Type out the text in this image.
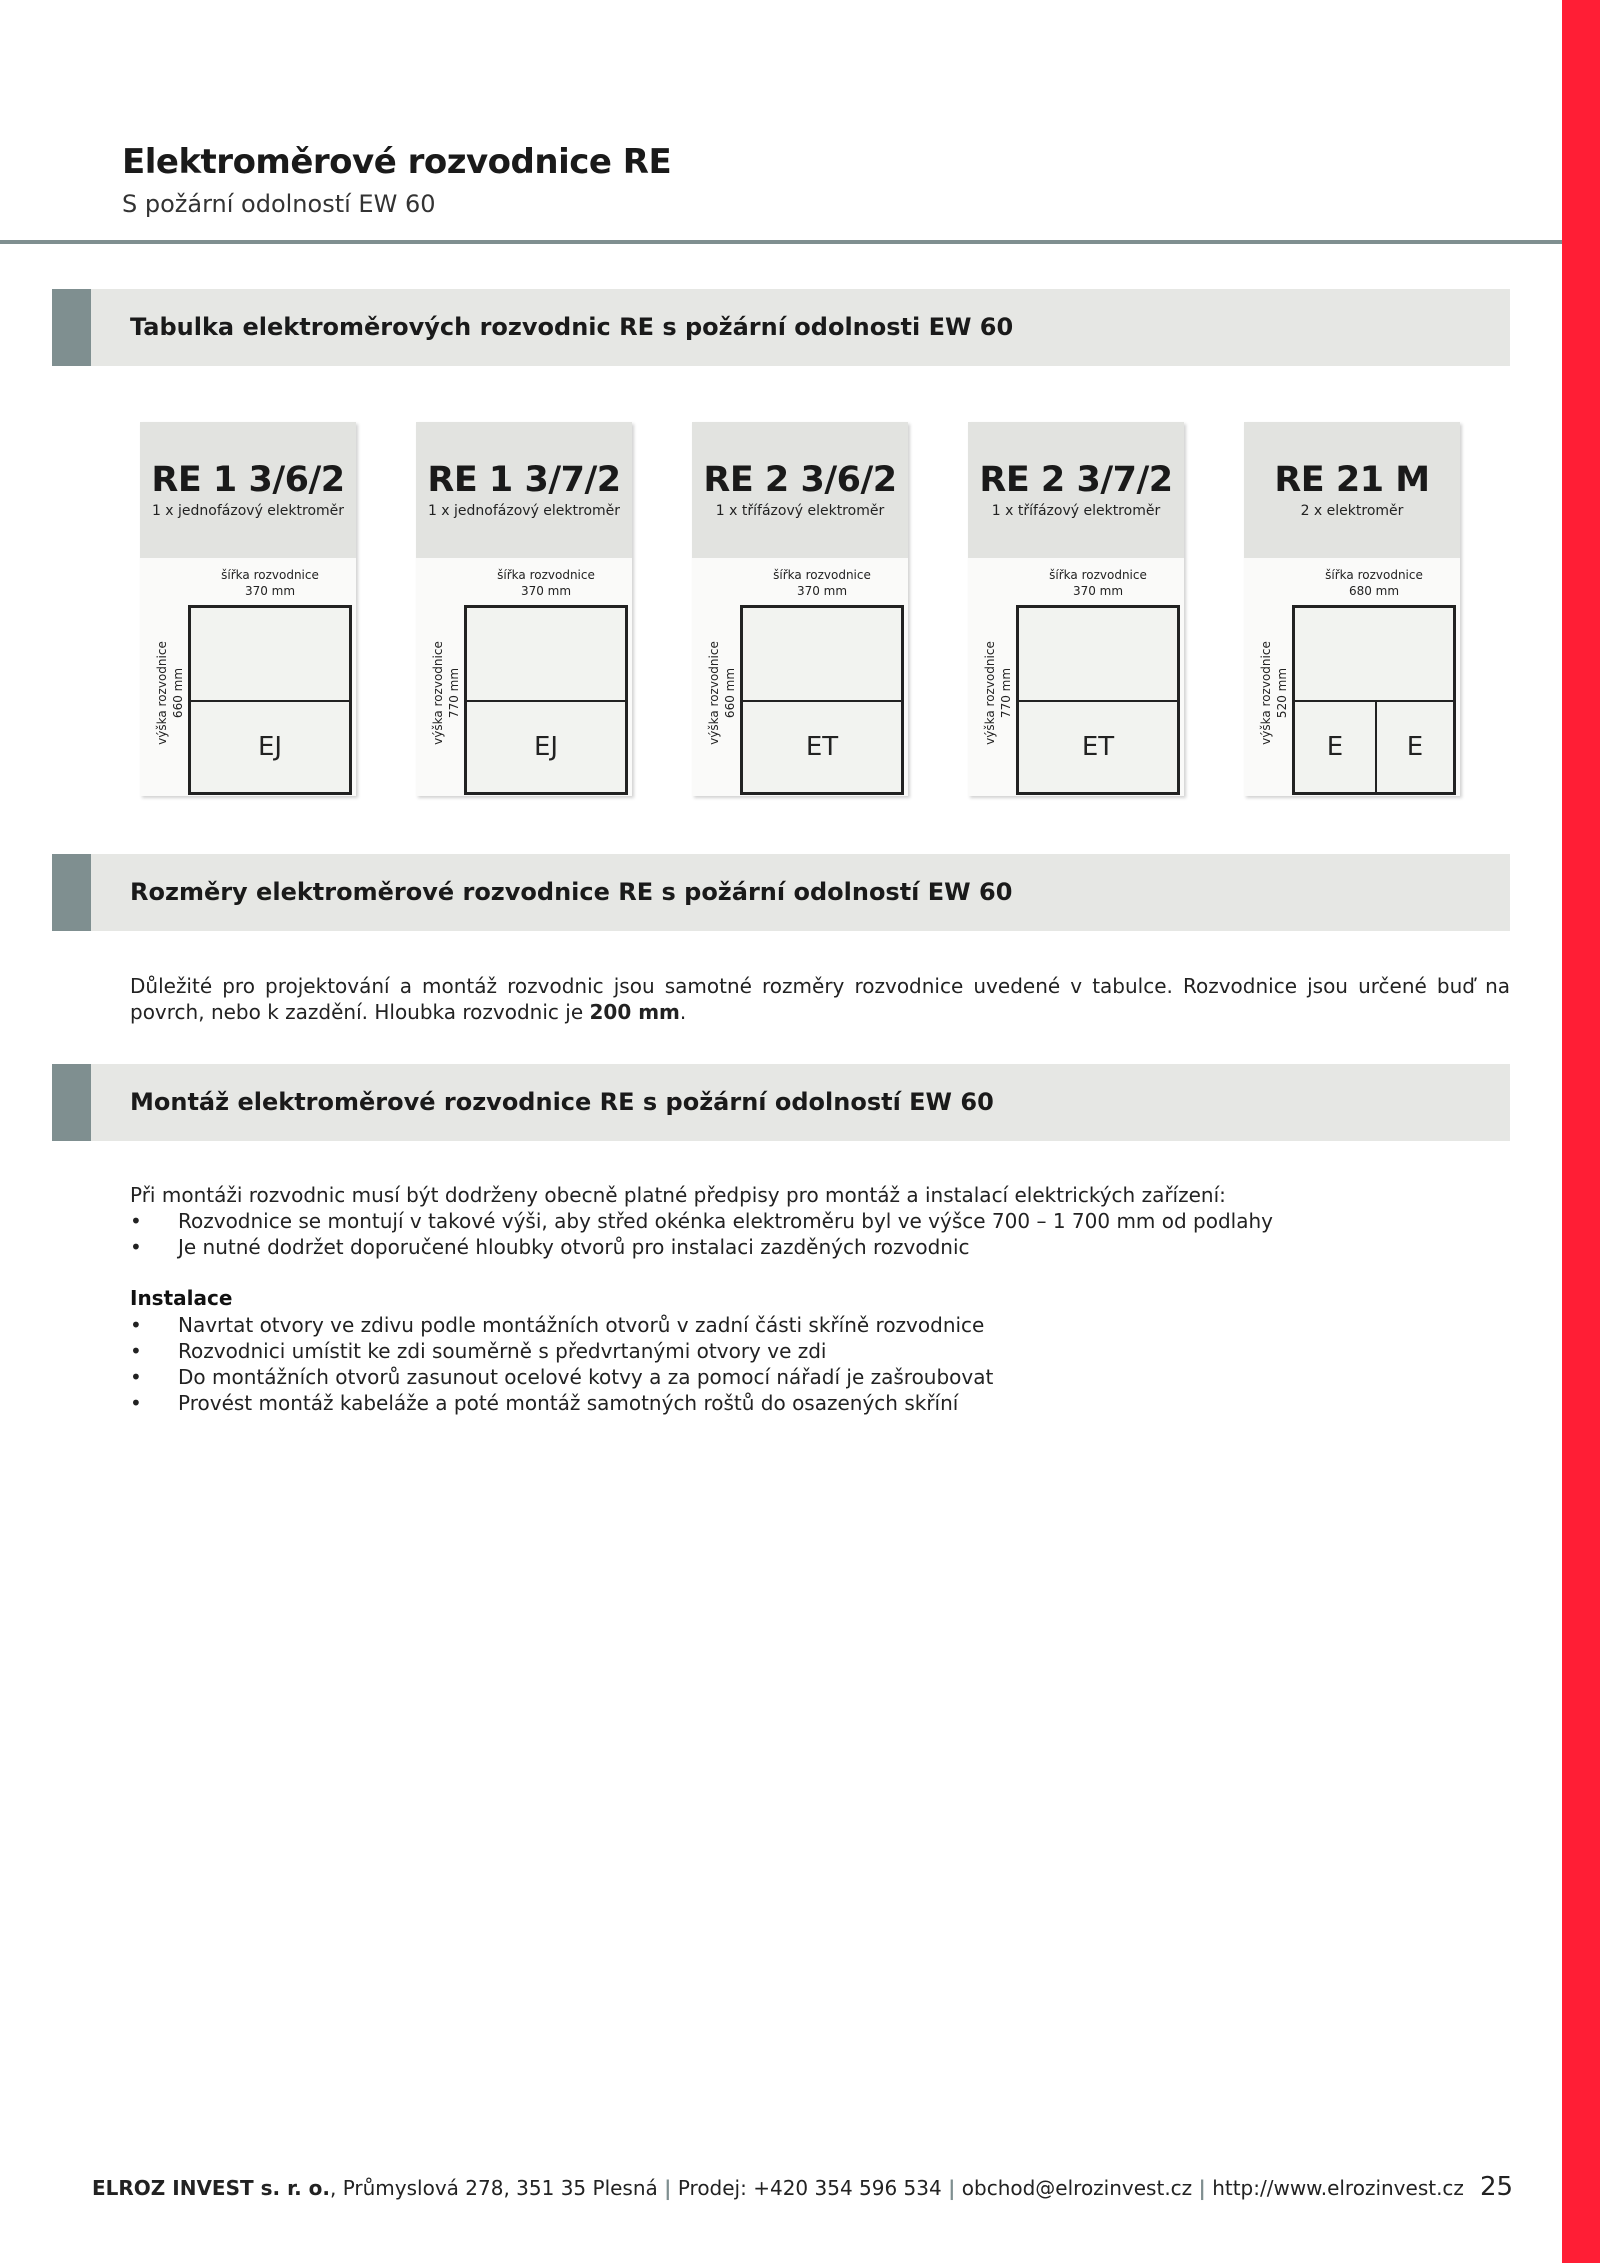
Elektroměrové rozvodnice RE
S požární odolností EW 60
Tabulka elektroměrových rozvodnic RE s požární odolnosti EW 60
RE 1 3/6/2
1 x jednofázový elektroměr
šířka rozvodnice
370 mm
výška rozvodnice 660 mm
EJ
RE 1 3/7/2
1 x jednofázový elektroměr
šířka rozvodnice
370 mm
výška rozvodnice 770 mm
EJ
RE 2 3/6/2
1 x třífázový elektroměr
šířka rozvodnice
370 mm
výška rozvodnice 660 mm
ET
RE 2 3/7/2
1 x třífázový elektroměr
šířka rozvodnice
370 mm
výška rozvodnice 770 mm
ET
RE 21 M
2 x elektroměr
šířka rozvodnice
680 mm
výška rozvodnice 520 mm
E	E
Rozměry elektroměrové rozvodnice RE s požární odolností EW 60
Důležité pro projektování a montáž rozvodnic jsou samotné rozměry rozvodnice uvedené v tabulce. Rozvodnice jsou určené buď na povrch, nebo k zazdění. Hloubka rozvodnic je 200 mm.
Montáž elektroměrové rozvodnice RE s požární odolností EW 60
Při montáži rozvodnic musí být dodrženy obecně platné předpisy pro montáž a instalací elektrických zařízení:
• Rozvodnice se montují v takové výši, aby střed okénka elektroměru byl ve výšce 700 – 1 700 mm od podlahy
• Je nutné dodržet doporučené hloubky otvorů pro instalaci zazděných rozvodnic
Instalace
• Navrtat otvory ve zdivu podle montážních otvorů v zadní části skříně rozvodnice
• Rozvodnici umístit ke zdi souměrně s předvrtanými otvory ve zdi
• Do montážních otvorů zasunout ocelové kotvy a za pomocí nářadí je zašroubovat
• Provést montáž kabeláže a poté montáž samotných roštů do osazených skříní
ELROZ INVEST s. r. o., Průmyslová 278, 351 35 Plesná | Prodej: +420 354 596 534 | obchod@elrozinvest.cz | http://www.elrozinvest.cz 25
